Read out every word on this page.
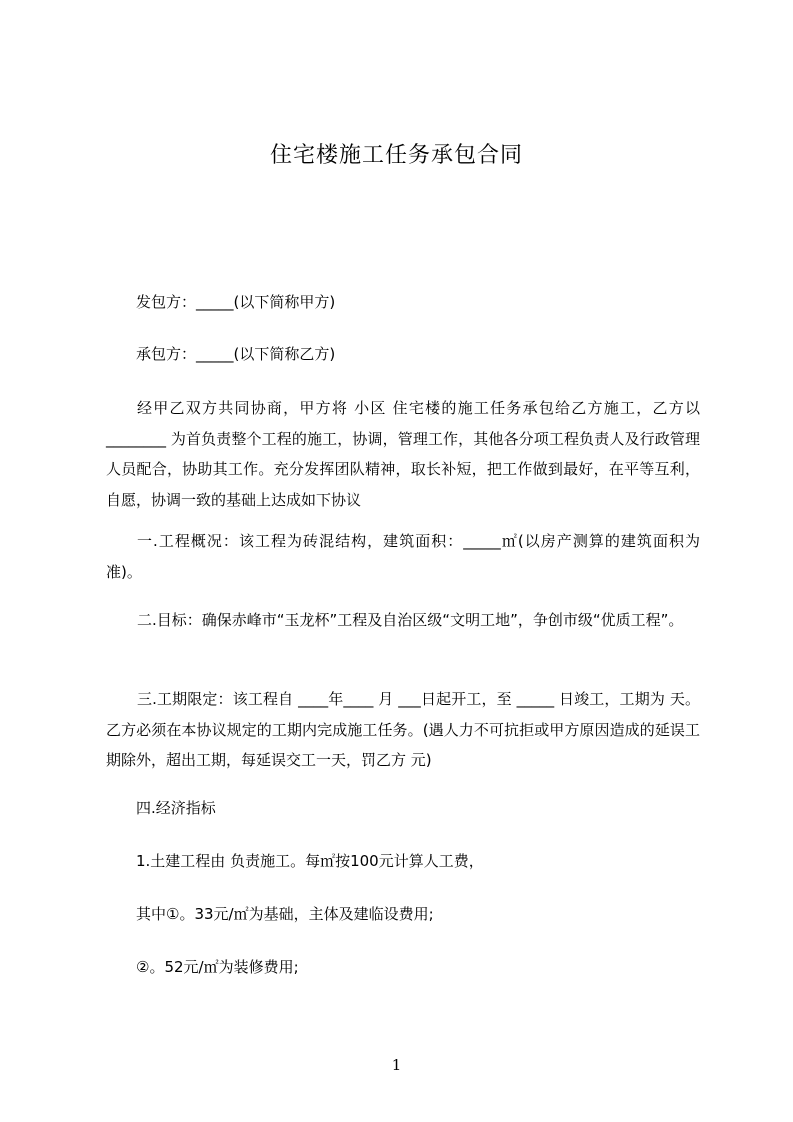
住宅楼施工任务承包合同
发包方：_____(以下简称甲方)
承包方：_____(以下简称乙方)
经甲乙双方共同协商，甲方将 小区 住宅楼的施工任务承包给乙方施工，乙方以________ 为首负责整个工程的施工，协调，管理工作，其他各分项工程负责人及行政管理人员配合，协助其工作。充分发挥团队精神，取长补短，把工作做到最好，在平等互利，自愿，协调一致的基础上达成如下协议
一.工程概况：该工程为砖混结构，建筑面积：_____㎡(以房产测算的建筑面积为准)。
二.目标：确保赤峰市“玉龙杯”工程及自治区级“文明工地”，争创市级“优质工程”。
三.工期限定：该工程自 ____年____ 月 ___日起开工，至 _____ 日竣工，工期为 天。乙方必须在本协议规定的工期内完成施工任务。(遇人力不可抗拒或甲方原因造成的延误工期除外，超出工期，每延误交工一天，罚乙方 元)
四.经济指标
1.土建工程由 负责施工。每㎡按100元计算人工费，
其中①。33元/㎡为基础，主体及建临设费用;
②。52元/㎡为装修费用;
1
